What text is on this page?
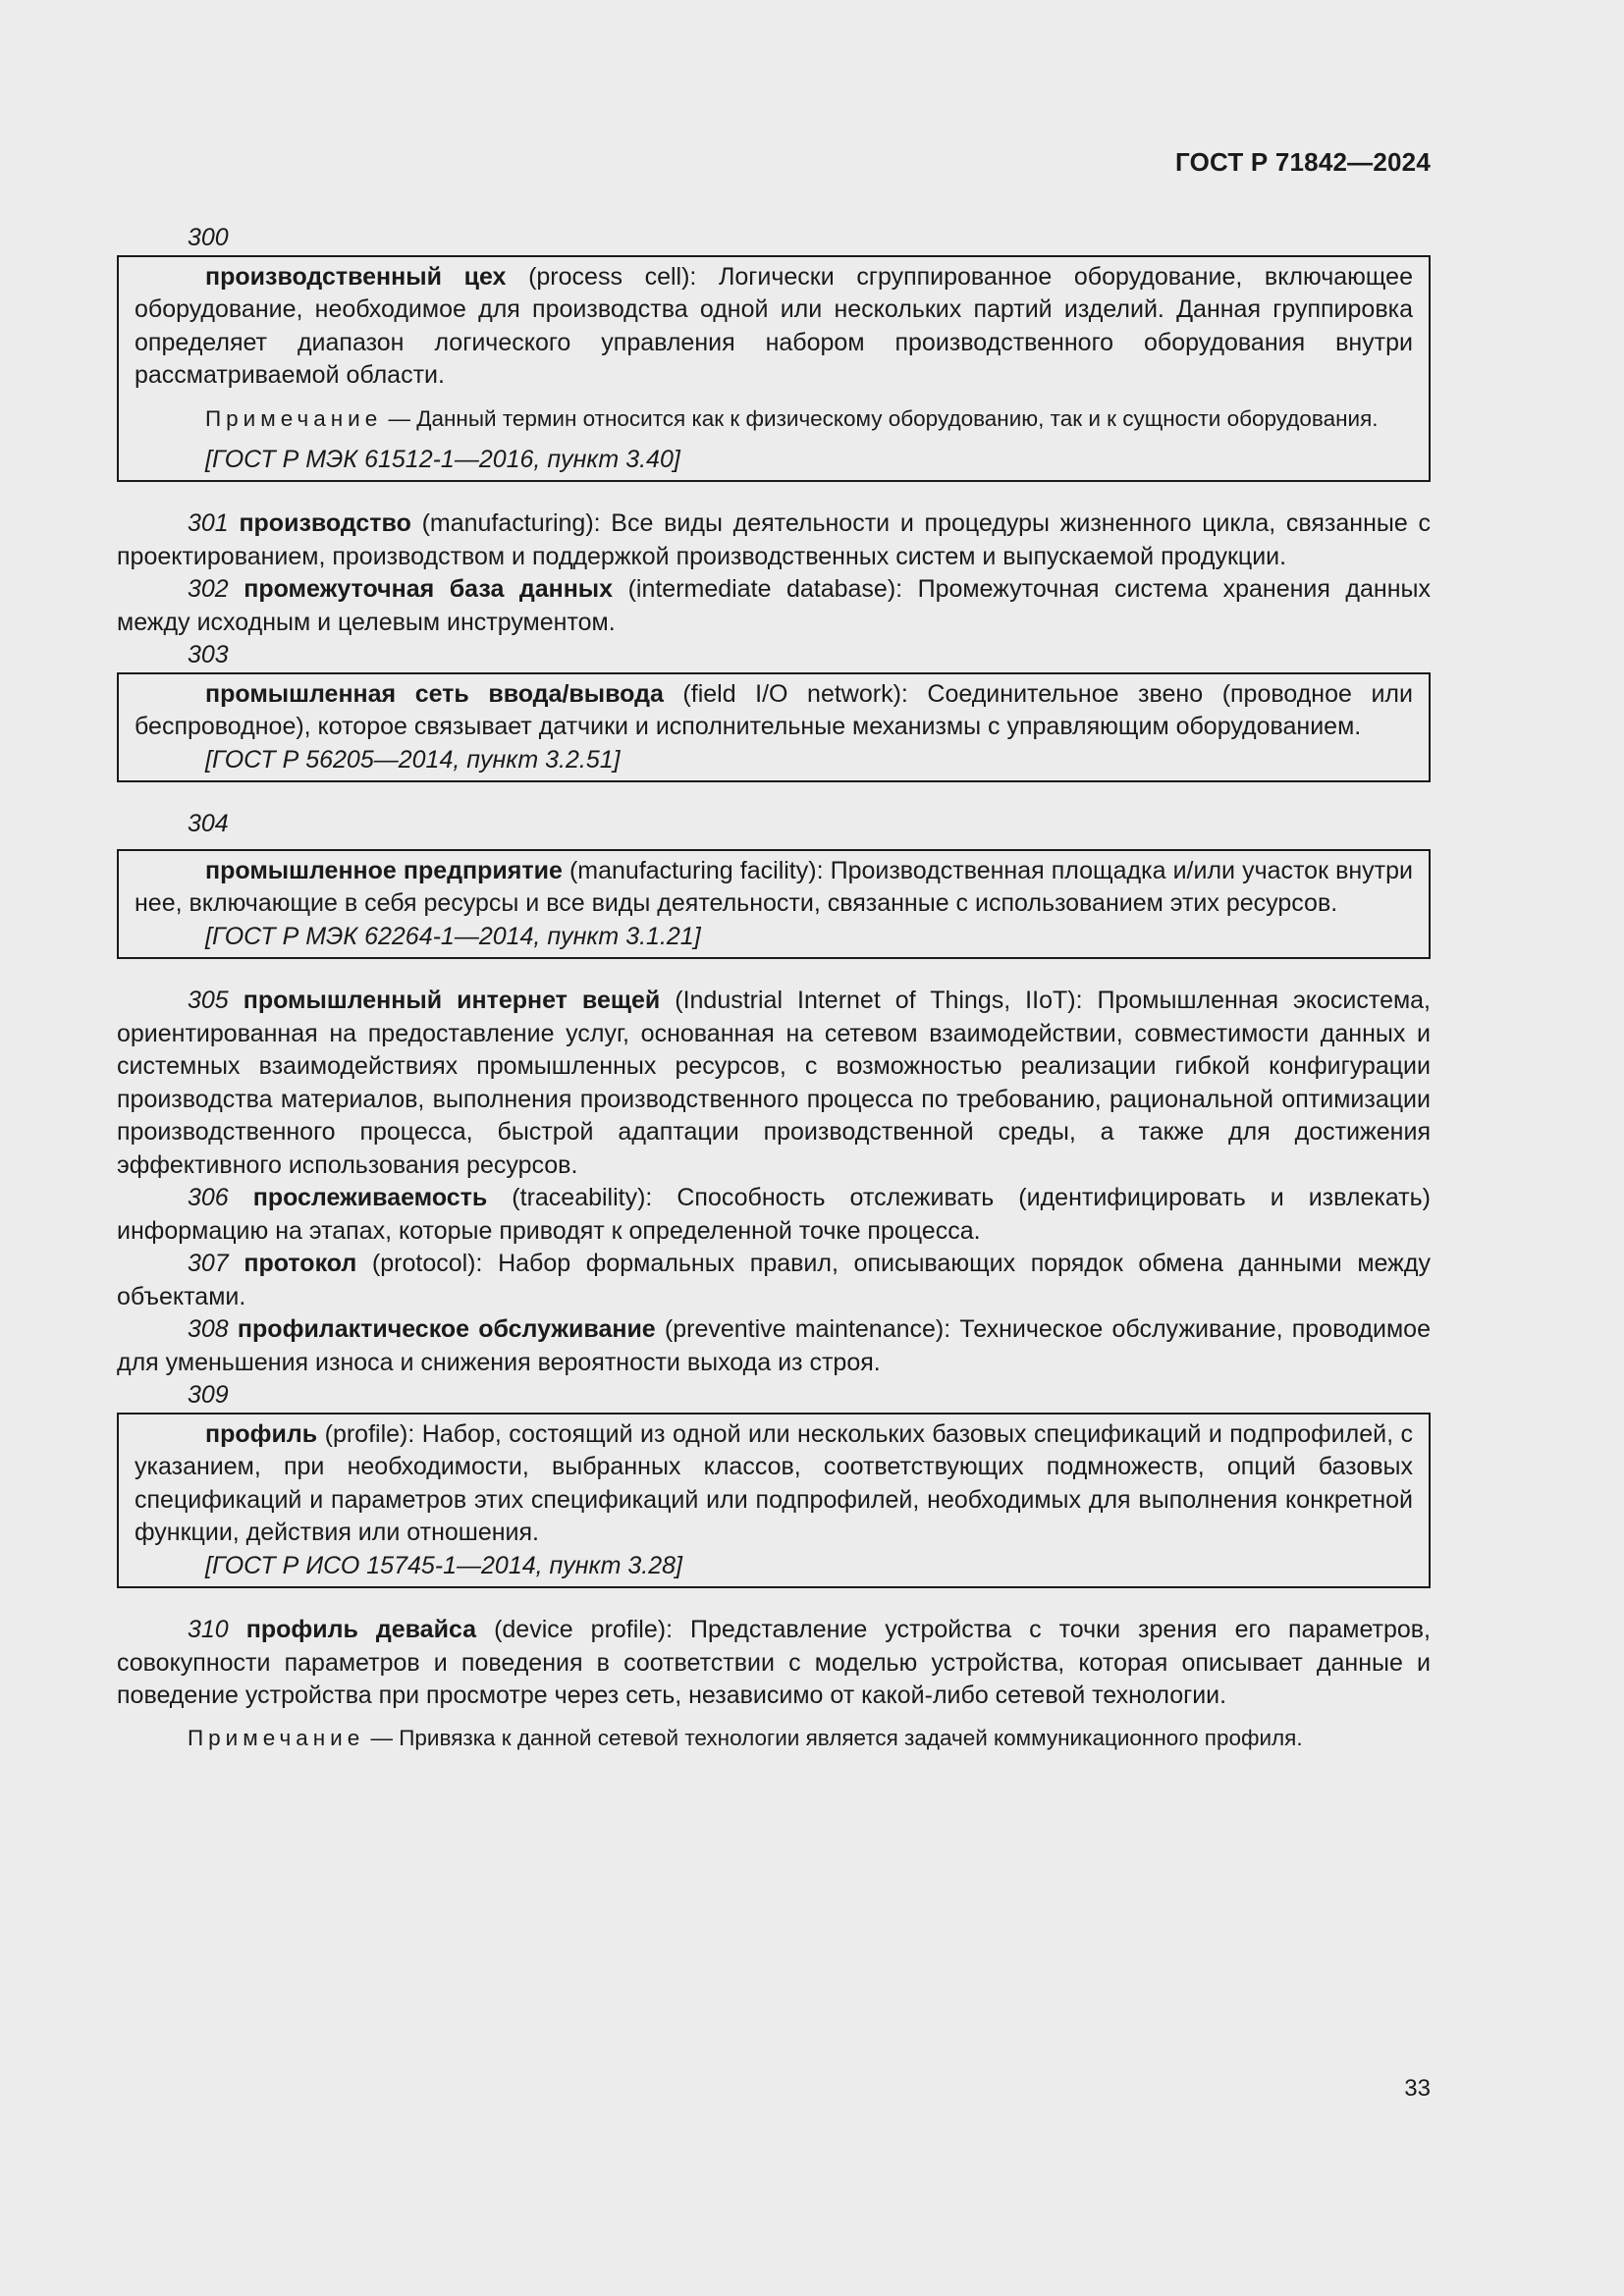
ГОСТ Р 71842—2024

300

производственный цех (process cell): Логически сгруппированное оборудование, включающее оборудование, необходимое для производства одной или нескольких партий изделий. Данная группировка определяет диапазон логического управления набором производственного оборудования внутри рассматриваемой области.

Примечание — Данный термин относится как к физическому оборудованию, так и к сущности оборудования.

[ГОСТ Р МЭК 61512-1—2016, пункт 3.40]

301 производство (manufacturing): Все виды деятельности и процедуры жизненного цикла, связанные с проектированием, производством и поддержкой производственных систем и выпускаемой продукции.

302 промежуточная база данных (intermediate database): Промежуточная система хранения данных между исходным и целевым инструментом.

303

промышленная сеть ввода/вывода (field I/O network): Соединительное звено (проводное или беспроводное), которое связывает датчики и исполнительные механизмы с управляющим оборудованием.

[ГОСТ Р 56205—2014, пункт 3.2.51]

304

промышленное предприятие (manufacturing facility): Производственная площадка и/или участок внутри нее, включающие в себя ресурсы и все виды деятельности, связанные с использованием этих ресурсов.

[ГОСТ Р МЭК 62264-1—2014, пункт 3.1.21]

305 промышленный интернет вещей (Industrial Internet of Things, IIoT): Промышленная экосистема, ориентированная на предоставление услуг, основанная на сетевом взаимодействии, совместимости данных и системных взаимодействиях промышленных ресурсов, с возможностью реализации гибкой конфигурации производства материалов, выполнения производственного процесса по требованию, рациональной оптимизации производственного процесса, быстрой адаптации производственной среды, а также для достижения эффективного использования ресурсов.

306 прослеживаемость (traceability): Способность отслеживать (идентифицировать и извлекать) информацию на этапах, которые приводят к определенной точке процесса.

307 протокол (protocol): Набор формальных правил, описывающих порядок обмена данными между объектами.

308 профилактическое обслуживание (preventive maintenance): Техническое обслуживание, проводимое для уменьшения износа и снижения вероятности выхода из строя.

309

профиль (profile): Набор, состоящий из одной или нескольких базовых спецификаций и подпрофилей, с указанием, при необходимости, выбранных классов, соответствующих подмножеств, опций базовых спецификаций и параметров этих спецификаций или подпрофилей, необходимых для выполнения конкретной функции, действия или отношения.

[ГОСТ Р ИСО 15745-1—2014, пункт 3.28]

310 профиль девайса (device profile): Представление устройства с точки зрения его параметров, совокупности параметров и поведения в соответствии с моделью устройства, которая описывает данные и поведение устройства при просмотре через сеть, независимо от какой-либо сетевой технологии.

Примечание — Привязка к данной сетевой технологии является задачей коммуникационного профиля.

33
